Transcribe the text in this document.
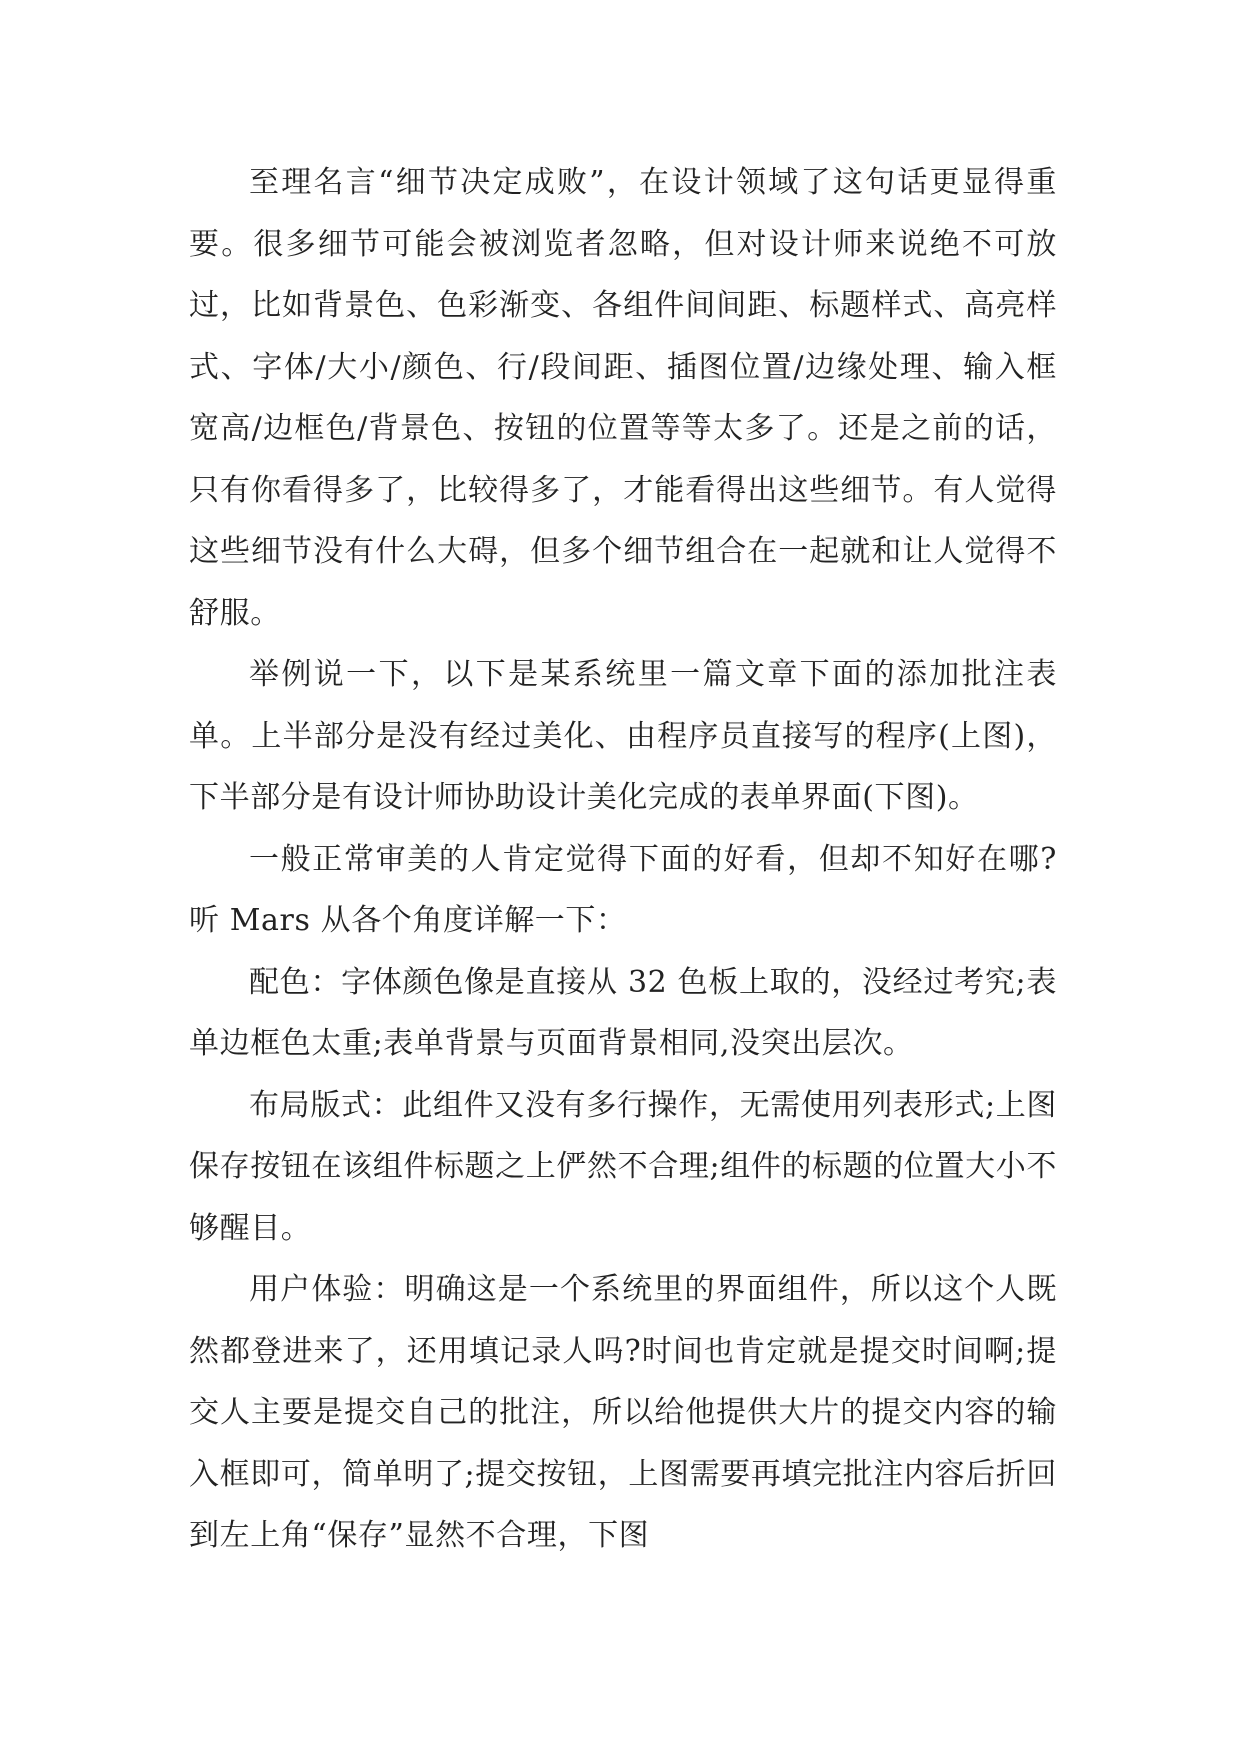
至理名言“细节决定成败”，在设计领域了这句话更显得重要。很多细节可能会被浏览者忽略，但对设计师来说绝不可放过，比如背景色、色彩渐变、各组件间间距、标题样式、高亮样式、字体/大小/颜色、行/段间距、插图位置/边缘处理、输入框宽高/边框色/背景色、按钮的位置等等太多了。还是之前的话，只有你看得多了，比较得多了，才能看得出这些细节。有人觉得这些细节没有什么大碍，但多个细节组合在一起就和让人觉得不舒服。

举例说一下，以下是某系统里一篇文章下面的添加批注表单。上半部分是没有经过美化、由程序员直接写的程序(上图)，下半部分是有设计师协助设计美化完成的表单界面(下图)。

一般正常审美的人肯定觉得下面的好看，但却不知好在哪?听 Mars 从各个角度详解一下：

配色：字体颜色像是直接从 32 色板上取的，没经过考究;表单边框色太重;表单背景与页面背景相同,没突出层次。

布局版式：此组件又没有多行操作，无需使用列表形式;上图保存按钮在该组件标题之上俨然不合理;组件的标题的位置大小不够醒目。

用户体验：明确这是一个系统里的界面组件，所以这个人既然都登进来了，还用填记录人吗?时间也肯定就是提交时间啊;提交人主要是提交自己的批注，所以给他提供大片的提交内容的输入框即可，简单明了;提交按钮，上图需要再填完批注内容后折回到左上角“保存”显然不合理，下图
